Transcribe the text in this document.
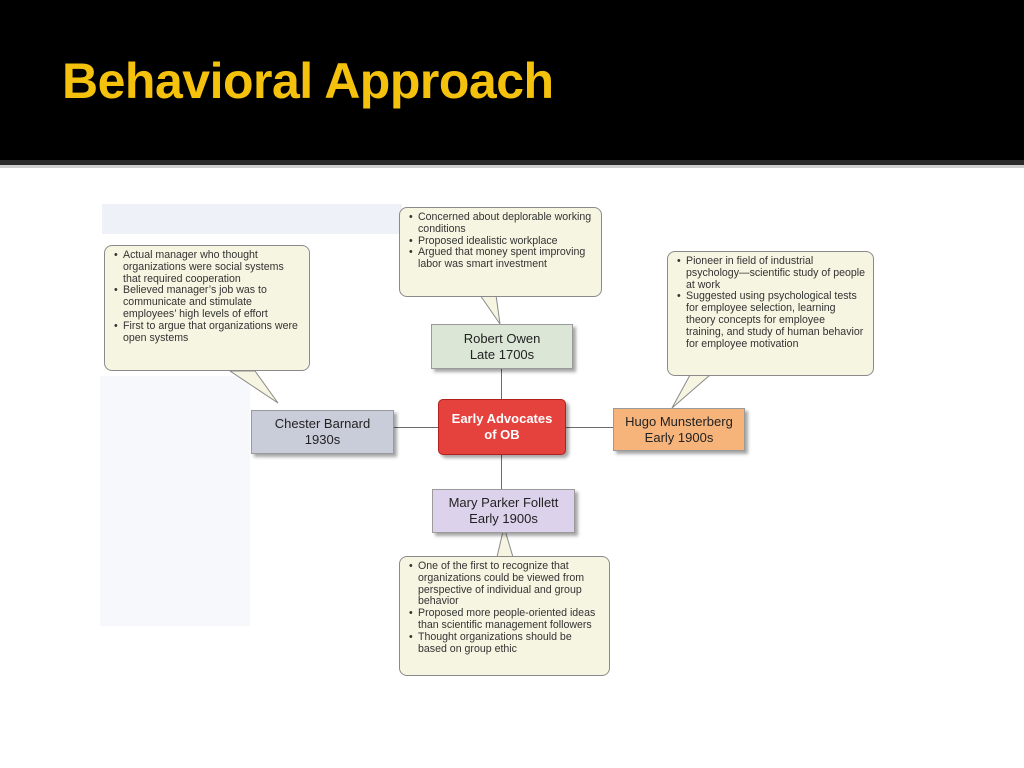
Behavioral Approach
• Concerned about deplorable working conditions
• Proposed idealistic workplace
• Argued that money spent improving labor was smart investment
• Actual manager who thought organizations were social systems that required cooperation
• Believed manager’s job was to communicate and stimulate employees’ high levels of effort
• First to argue that organizations were open systems
• Pioneer in field of industrial psychology—scientific study of people at work
• Suggested using psychological tests for employee selection, learning theory concepts for employee training, and study of human behavior for employee motivation
• One of the first to recognize that organizations could be viewed from perspective of individual and group behavior
• Proposed more people-oriented ideas than scientific management followers
• Thought organizations should be based on group ethic
Robert Owen
Late 1700s
Chester Barnard
1930s
Early Advocates
of OB
Hugo Munsterberg
Early 1900s
Mary Parker Follett
Early 1900s
